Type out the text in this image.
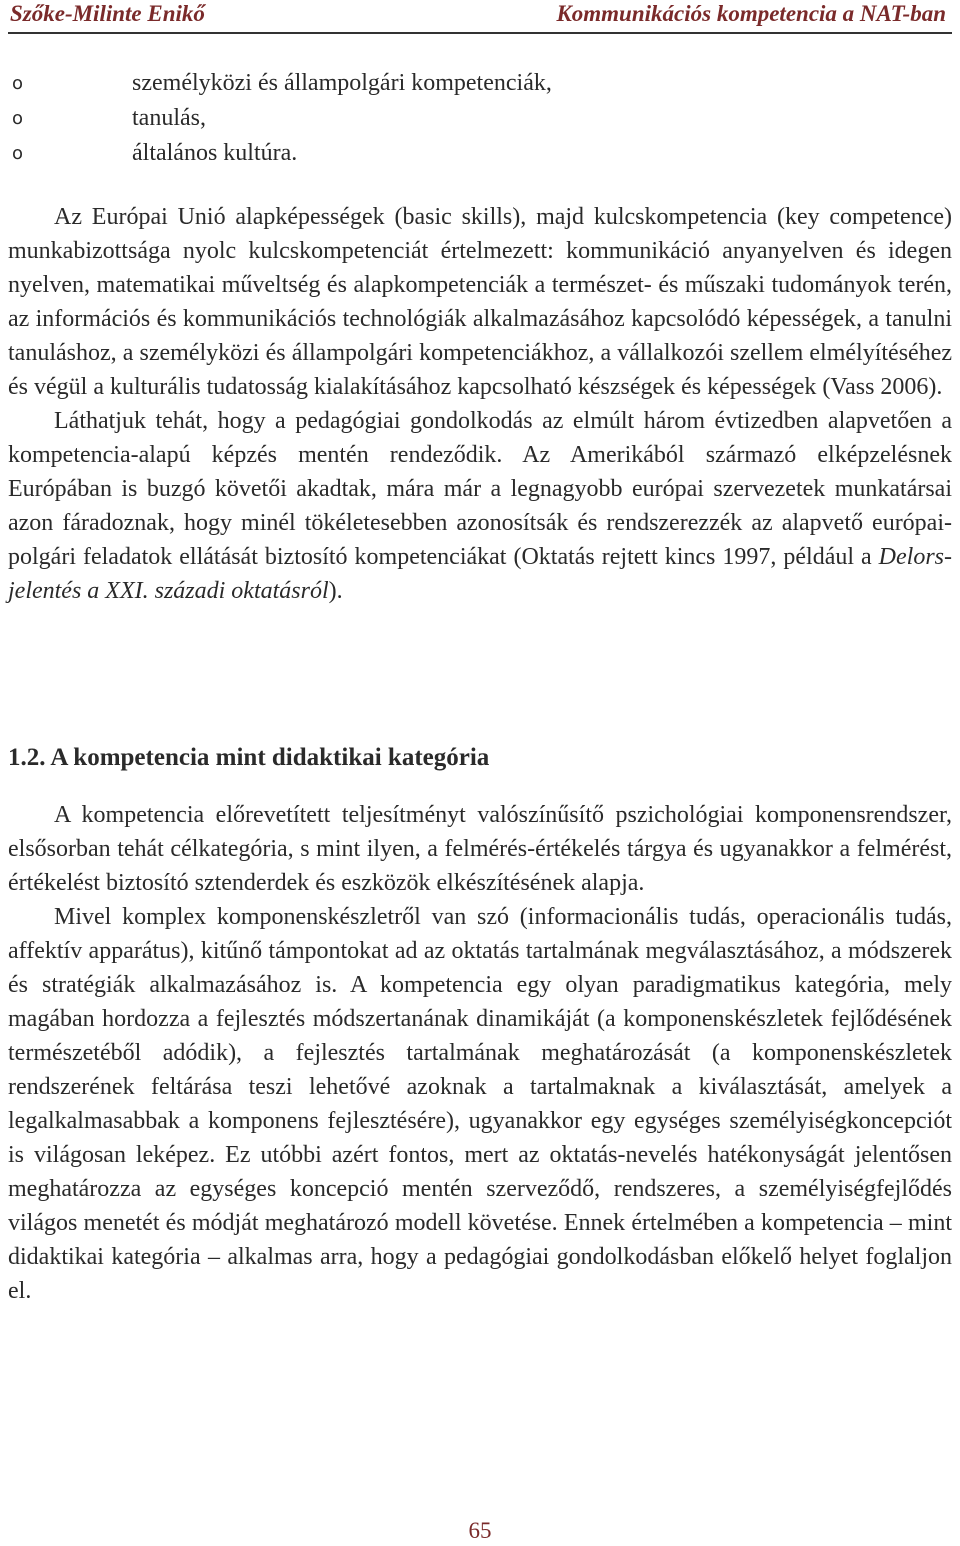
Szőke-Milinte Enikő	Kommunikációs kompetencia a NAT-ban
o	személyközi és állampolgári kompetenciák,
o	tanulás,
o	általános kultúra.

Az Európai Unió alapképességek (basic skills), majd kulcskompetencia (key competence) munkabizottsága nyolc kulcskompetenciát értelmezett: kommunikáció anyanyelven és idegen nyelven, matematikai műveltség és alapkompetenciák a természet- és műszaki tudományok terén, az információs és kommunikációs technológiák alkalmazásához kapcsolódó képességek, a tanulni tanuláshoz, a személyközi és állampolgári kompetenciákhoz, a vállalkozói szellem elmélyítéséhez és végül a kulturális tudatosság kialakításához kapcsolható készségek és képességek (Vass 2006).

Láthatjuk tehát, hogy a pedagógiai gondolkodás az elmúlt három évtizedben alapvetően a kompetencia-alapú képzés mentén rendeződik. Az Amerikából származó elképzelésnek Európában is buzgó követői akadtak, mára már a legnagyobb európai szervezetek munkatársai azon fáradoznak, hogy minél tökéletesebben azonosítsák és rendszerezzék az alapvető európai-polgári feladatok ellátását biztosító kompetenciákat (Oktatás rejtett kincs 1997, például a Delors-jelentés a XXI. századi oktatásról).

1.2. A kompetencia mint didaktikai kategória

A kompetencia előrevetített teljesítményt valószínűsítő pszichológiai komponensrendszer, elsősorban tehát célkategória, s mint ilyen, a felmérés-értékelés tárgya és ugyanakkor a felmérést, értékelést biztosító sztenderdek és eszközök elkészítésének alapja.

Mivel komplex komponenskészletről van szó (informacionális tudás, operacionális tudás, affektív apparátus), kitűnő támpontokat ad az oktatás tartalmának megválasztásához, a módszerek és stratégiák alkalmazásához is. A kompetencia egy olyan paradigmatikus kategória, mely magában hordozza a fejlesztés módszertanának dinamikáját (a komponenskészletek fejlődésének természetéből adódik), a fejlesztés tartalmának meghatározását (a komponenskészletek rendszerének feltárása teszi lehetővé azoknak a tartalmaknak a kiválasztását, amelyek a legalkalmasabbak a komponens fejlesztésére), ugyanakkor egy egységes személyiségkoncepciót is világosan leképez. Ez utóbbi azért fontos, mert az oktatás-nevelés hatékonyságát jelentősen meghatározza az egységes koncepció mentén szerveződő, rendszeres, a személyiségfejlődés világos menetét és módját meghatározó modell követése. Ennek értelmében a kompetencia – mint didaktikai kategória – alkalmas arra, hogy a pedagógiai gondolkodásban előkelő helyet foglaljon el.

65
